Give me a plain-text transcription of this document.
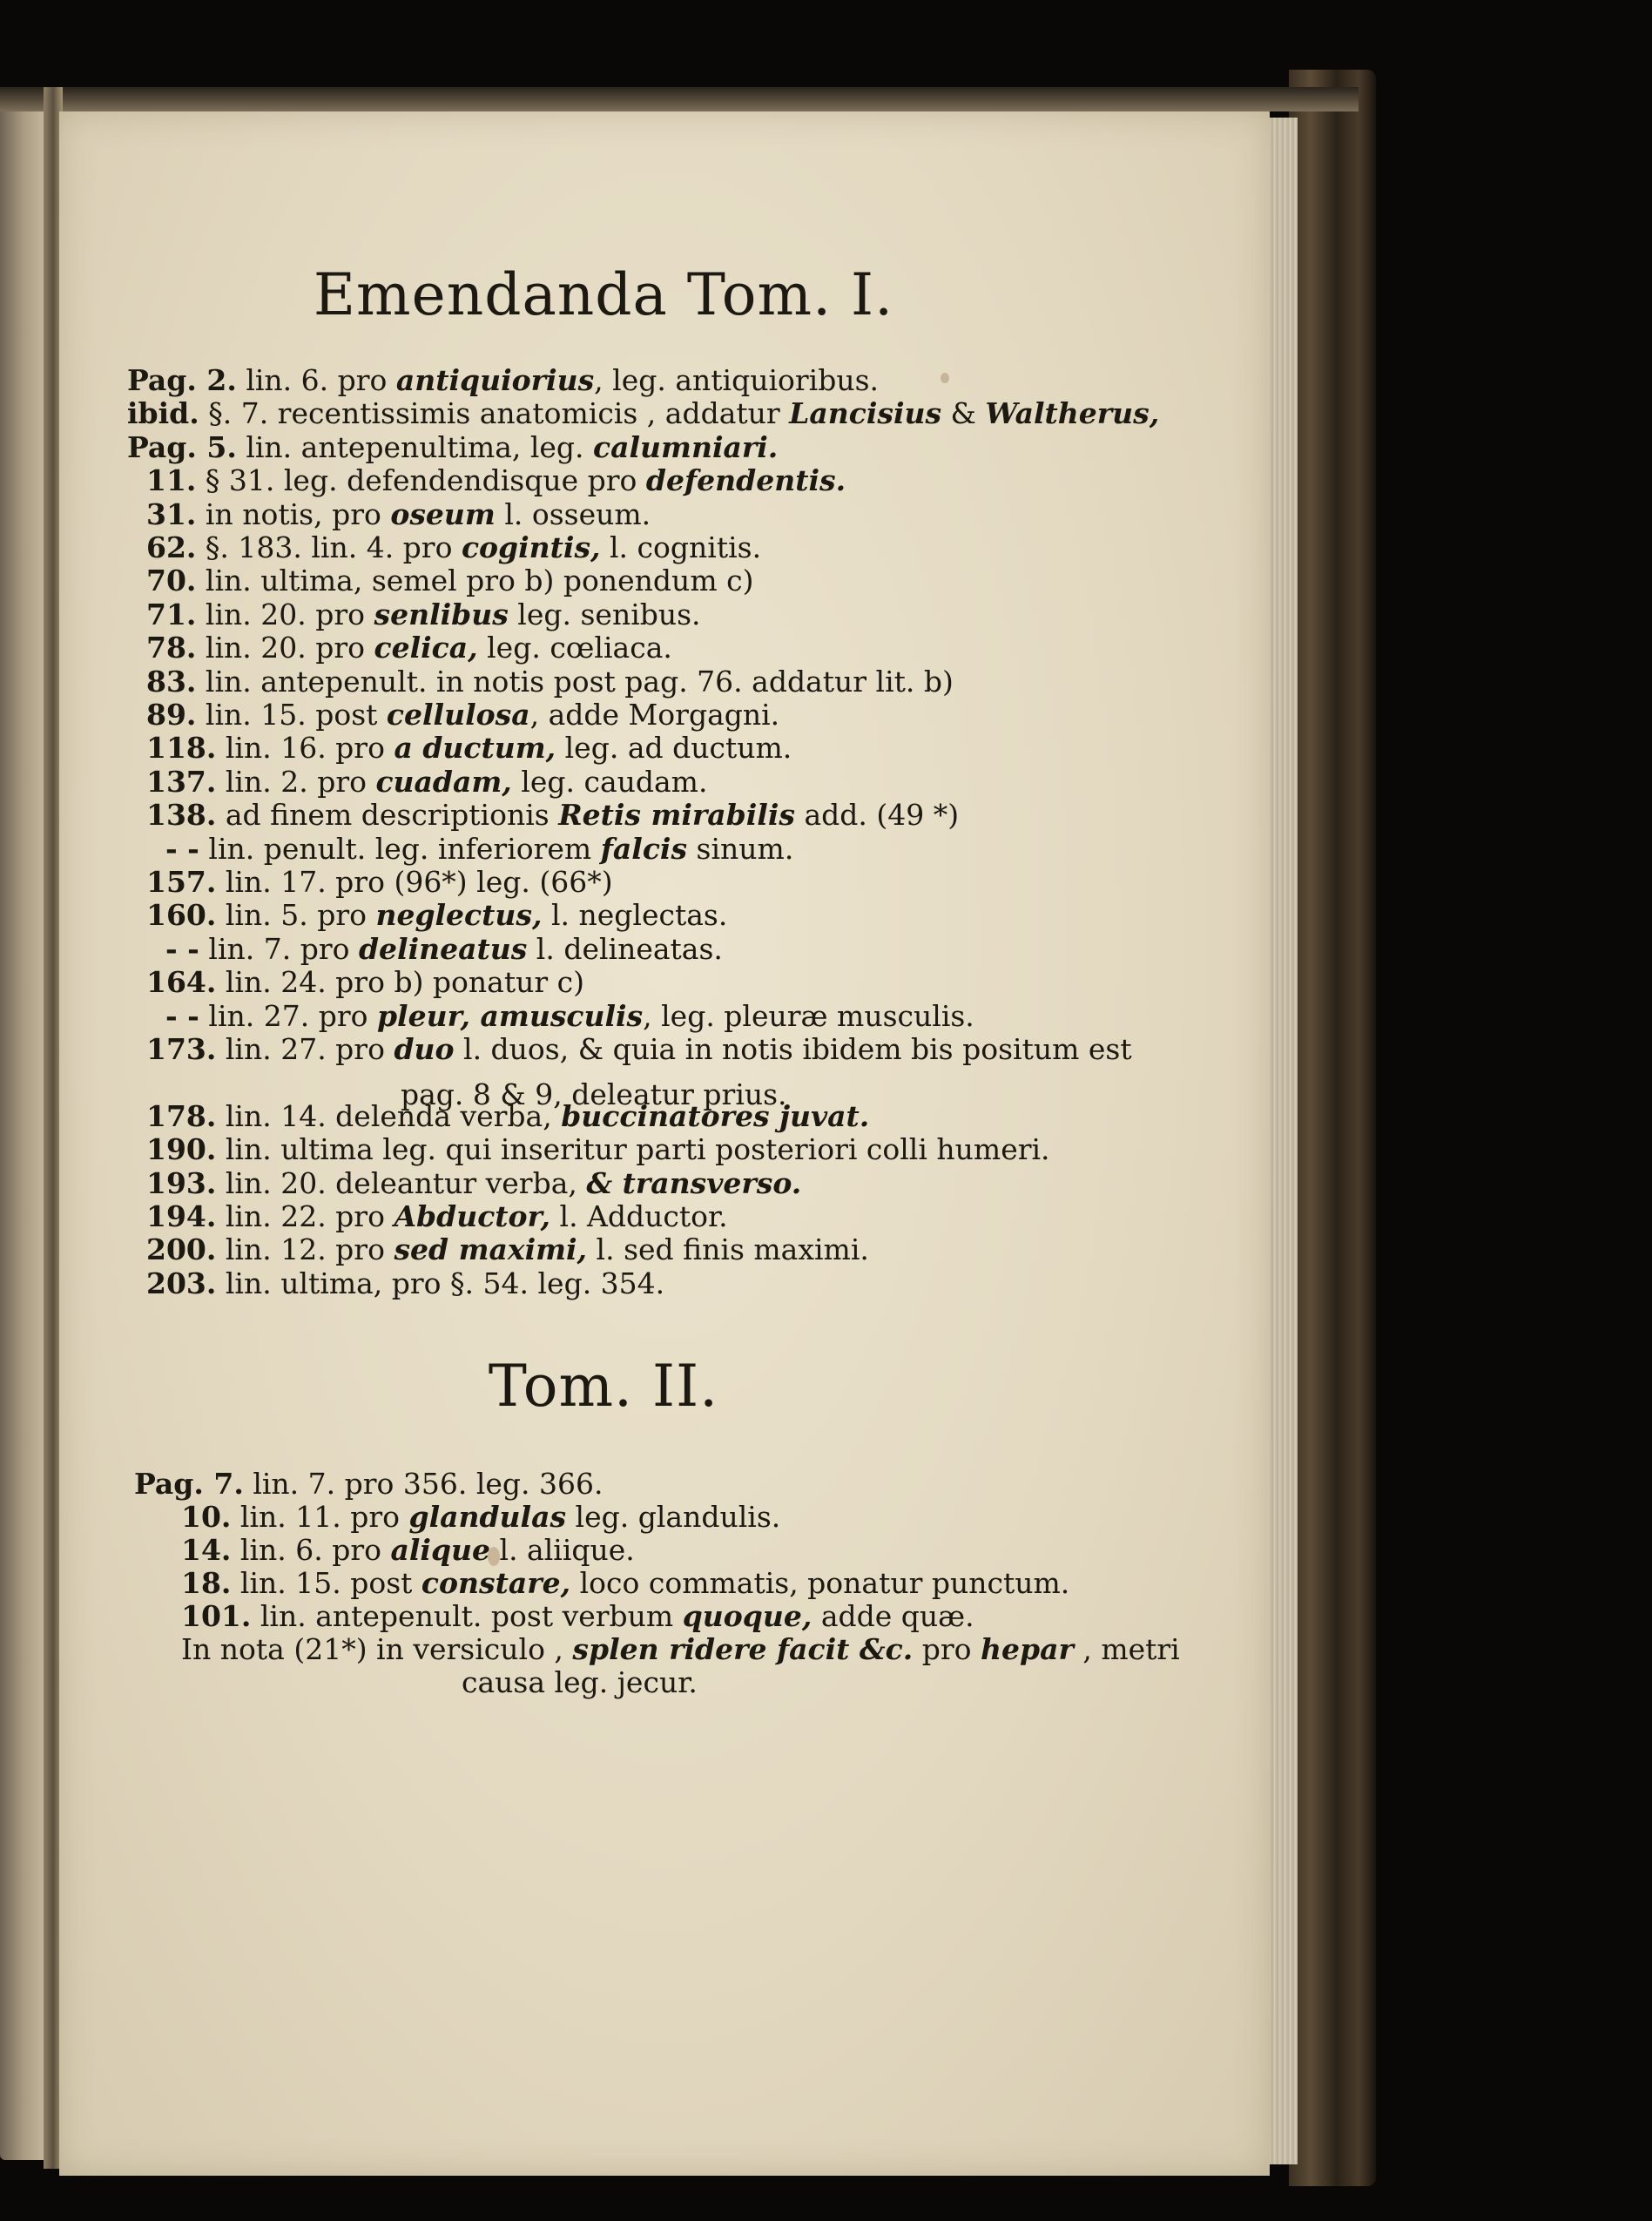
Emendanda Tom. I.
Pag. 2. lin. 6. pro antiquiorius, leg. antiquioribus.
ibid. §. 7. recentissimis anatomicis , addatur Lancisius & Waltherus,
Pag. 5. lin. antepenultima, leg. calumniari.
11. § 31. leg. defendendisque pro defendentis.
31. in notis, pro oseum l. osseum.
62. §. 183. lin. 4. pro cogintis, l. cognitis.
70. lin. ultima, semel pro b) ponendum c)
71. lin. 20. pro senlibus leg. senibus.
78. lin. 20. pro celica, leg. cœliaca.
83. lin. antepenult. in notis post pag. 76. addatur lit. b)
89. lin. 15. post cellulosa, adde Morgagni.
118. lin. 16. pro a ductum, leg. ad ductum.
137. lin. 2. pro cuadam, leg. caudam.
138. ad finem descriptionis Retis mirabilis add. (49 *)
- - lin. penult. leg. inferiorem falcis sinum.
157. lin. 17. pro (96*) leg. (66*)
160. lin. 5. pro neglectus, l. neglectas.
- - lin. 7. pro delineatus l. delineatas.
164. lin. 24. pro b) ponatur c)
- - lin. 27. pro pleur, amusculis, leg. pleuræ musculis.
173. lin. 27. pro duo l. duos, & quia in notis ibidem bis positum est
178. lin. 14. delenda verba, buccinatores juvat.
190. lin. ultima leg. qui inseritur parti posteriori colli humeri.
193. lin. 20. deleantur verba, & transverso.
194. lin. 22. pro Abductor, l. Adductor.
200. lin. 12. pro sed maximi, l. sed finis maximi.
203. lin. ultima, pro §. 54. leg. 354.
pag. 8 & 9, deleatur prius.
Tom. II.
Pag. 7. lin. 7. pro 356. leg. 366.
10. lin. 11. pro glandulas leg. glandulis.
14. lin. 6. pro alique l. aliique.
18. lin. 15. post constare, loco commatis, ponatur punctum.
101. lin. antepenult. post verbum quoque, adde quæ.
In nota (21*) in versiculo , splen ridere facit &c. pro hepar , metri
causa leg. jecur.
